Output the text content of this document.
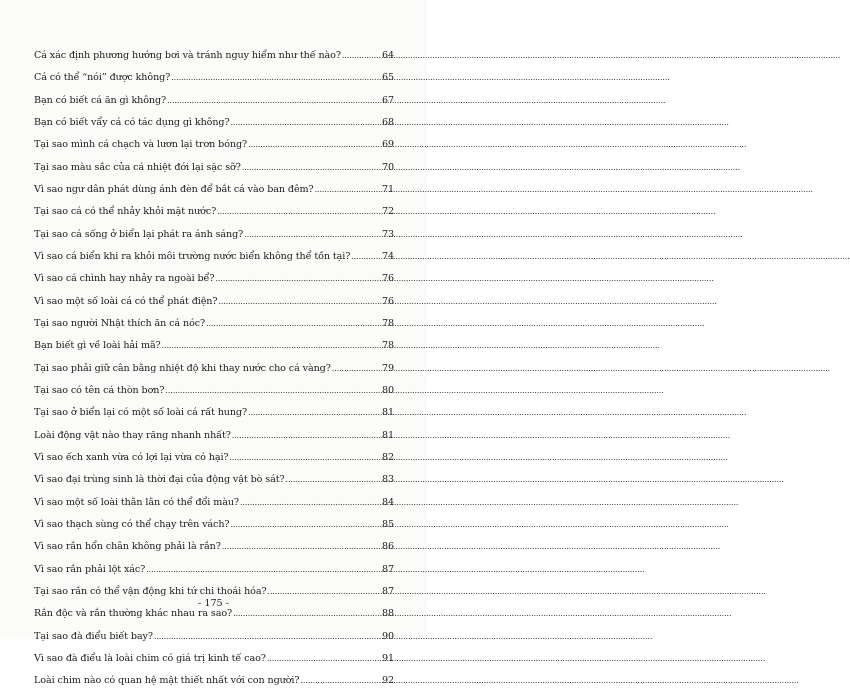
Cá xác định phương hướng bơi và tránh nguy hiểm như thế nào? .....	64
Cá có thể “nói” được không? .....	65
Bạn có biết cá ăn gì không? .....	67
Bạn có biết vẩy cá có tác dụng gì không? .....	68
Tại sao mình cá chạch và lươn lại trơn bóng? .....	69
Tại sao màu sắc của cá nhiệt đới lại sặc sỡ? .....	70
Vì sao ngư dân phát dùng ánh đèn để bắt cá vào ban đêm? .....	71
Tại sao cá có thể nhảy khỏi mặt nước? .....	72
Tại sao cá sống ở biển lại phát ra ánh sáng? .....	73
Vì sao cá biển khi ra khỏi môi trường nước biển không thể tồn tại? .....	74
Vì sao cá chình hay nhảy ra ngoài bể? .....	76
Vì sao một số loài cá có thể phát điện? .....	76
Tại sao người Nhật thích ăn cá nóc? .....	78
Bạn biết gì về loài hải mã? .....	78
Tại sao phải giữ cân bằng nhiệt độ khi thay nước cho cá vàng? .....	79
Tại sao có tên cá thòn bơn? .....	80
Tại sao ở biển lại có một số loài cá rất hung? .....	81
Loài động vật nào thay răng nhanh nhất? .....	81
Vì sao ếch xanh vừa có lợi lại vừa có hại? .....	82
Vì sao đại trùng sinh là thời đại của động vật bò sát? .....	83
Vì sao một số loài thằn lằn có thể đổi màu? .....	84
Vì sao thạch sùng có thể chạy trên vách? .....	85
Vì sao rắn hổn chân không phải là rắn? .....	86
Vì sao rắn phải lột xác? .....	87
Tại sao rắn có thể vận động khi tứ chi thoái hóa? .....	87
Rắn độc và rắn thường khác nhau ra sao? .....	88
Tại sao đà điểu biết bay? .....	90
Vì sao đà điểu là loài chim có giá trị kinh tế cao? .....	91
Loài chim nào có quan hệ mật thiết nhất với con người? .....	92
- 175 -
